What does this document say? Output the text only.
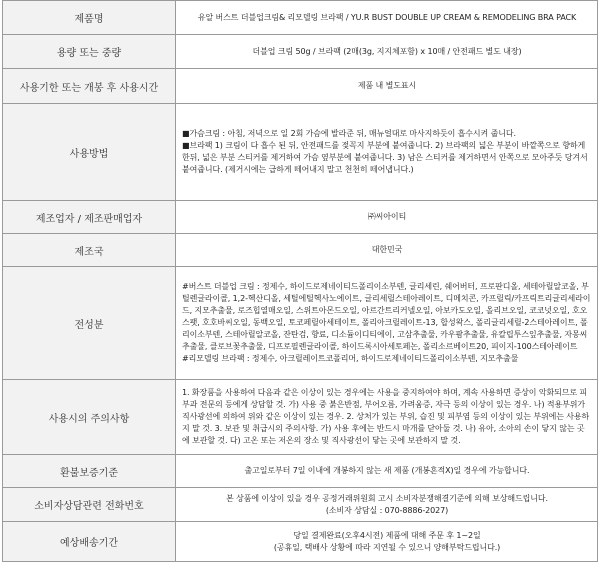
제품명	유알 버스트 더블업크림& 리모델링 브라팩 / YU.R BUST DOUBLE UP CREAM & REMODELING BRA PACK
용량 또는 중량	더블업 크림 50g / 브라팩 (2매(3g, 지지체포함) x 10매 / 안전패드 별도 내장)
사용기한 또는 개봉 후 사용시간	제품 내 별도표시
사용방법	■가슴크림 : 아침, 저녁으로 일 2회 가슴에 발라준 뒤, 매뉴얼대로 마사지하듯이 흡수시켜 줍니다.
■브라팩 1) 크림이 다 흡수 된 뒤, 안전패드를 젖꼭지 부분에 붙여줍니다. 2) 브라팩의 넓은 부분이 바깥쪽으로 향하게 한뒤, 넓은 부분 스티커를 제거하여 가슴 옆부분에 붙여줍니다. 3) 남은 스티커를 제거하면서 안쪽으로 모아주듯 당겨서 붙여줍니다. (제거시에는 급하게 떼어내지 말고 천천히 떼어냅니다.)

제조업자 / 제조판매업자	㈜씨아이티
제조국	대한민국
전성분	#버스트 더블업 크림 : 정제수, 하이드로제네이티드폴리이소부텐, 글리세린, 쉐어버터, 프로판디올, 세테아릴알코올, 부틸렌글라이콜, 1,2-헥산디올, 세틸에틸헥사노에이트, 글리세릴스테아레이트, 디메치콘, 카프릴릭/카프릭트리글리세라이드, 지모추출물, 로즈힙열매오일, 스위트아몬드오일, 아르간트리커넬오일, 아보카도오일, 올리브오일, 코코넛오일, 호오스팻, 호호바씨오일, 동백오일, 토코페릴아세테이트, 폴리아크릴레이트-13, 합성왁스, 폴리글리세릴-2스테아레이트, 폴리이소부텐, 스테아릴알코올, 잔탄검, 향료, 디소듐이디티에이, 고삼추출물, 카우팜추출물, 유칼립투스잎추출물, 자몽씨추출물, 클로브꽃추출물, 디프로필렌글라이콜, 하이드록시아세토페논, 폴리소르베이트20, 피이지-100스테아레이트
#리모델링 브라팩 : 정제수, 아크릴레이트코폴리머, 하이드로제네이티드폴리이소부텐, 지모추출물

사용시의 주의사항	1. 화장품을 사용하여 다음과 같은 이상이 있는 경우에는 사용을 중지하여야 하며, 계속 사용하면 증상이 악화되므로 피부과 전문의 등에게 상담할 것. 가) 사용 중 붉은반점, 부어오름, 가려움증, 자극 등의 이상이 있는 경우. 나) 적용부위가 직사광선에 의하여 위와 같은 이상이 있는 경우. 2. 상처가 있는 부위, 습진 및 피부염 등의 이상이 있는 부위에는 사용하지 말 것. 3. 보관 및 취급시의 주의사항. 가) 사용 후에는 반드시 마개를 닫아둘 것. 나) 유아, 소아의 손이 닿지 않는 곳에 보관할 것. 다) 고온 또는 저온의 장소 및 직사광선이 닿는 곳에 보관하지 말 것.
환불보증기준	출고일로부터 7일 이내에 개봉하지 않는 새 제품 (개봉흔적X)일 경우에 가능합니다.
소비자상담관련 전화번호	본 상품에 이상이 있을 경우 공정거래위원회 고시 소비자분쟁해결기준에 의해 보상해드립니다.
(소비자 상담실 : 070-8886-2027)

예상배송기간	당일 결제완료(오후4시전) 제품에 대해 주문 후 1~2일
(공휴일, 택배사 상황에 따라 지연될 수 있으니 양해부탁드립니다.)
